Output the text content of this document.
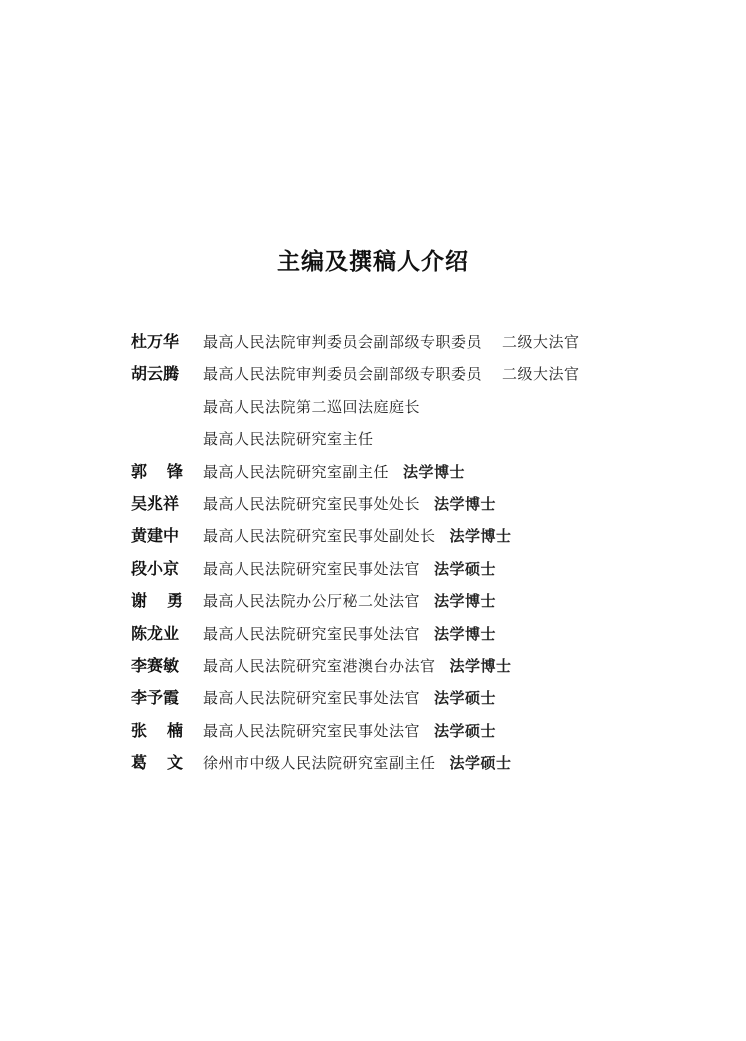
主编及撰稿人介绍
杜万华	最高人民法院审判委员会副部级专职委员 二级大法官
胡云腾	最高人民法院审判委员会副部级专职委员 二级大法官
最高人民法院第二巡回法庭庭长
最高人民法院研究室主任
郭 锋 最高人民法院研究室副主任 法学博士
吴兆祥	最高人民法院研究室民事处处长 法学博士
黄建中	最高人民法院研究室民事处副处长 法学博士
段小京	最高人民法院研究室民事处法官 法学硕士
谢 勇 最高人民法院办公厅秘二处法官 法学博士
陈龙业	最高人民法院研究室民事处法官 法学博士
李赛敏	最高人民法院研究室港澳台办法官 法学博士
李予霞	最高人民法院研究室民事处法官 法学硕士
张 楠 最高人民法院研究室民事处法官 法学硕士
葛 文 徐州市中级人民法院研究室副主任 法学硕士
